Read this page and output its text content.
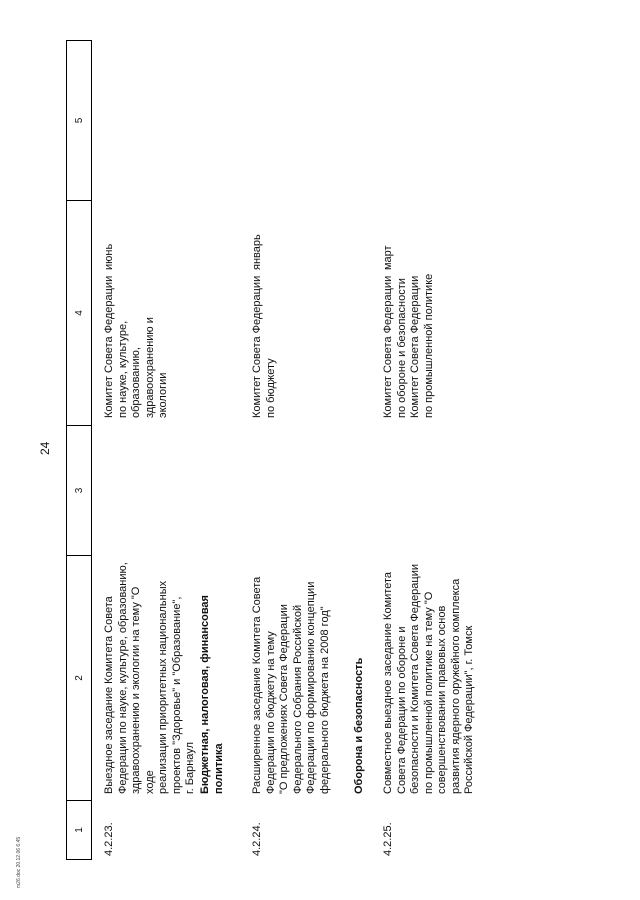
24
m26.doc 20.12.06 6:45
1
2
3
4
5
4.2.23.
Выездное заседание Комитета Совета
Федерации по науке, культуре, образованию,
здравоохранению и экологии на тему "О ходе
реализации приоритетных национальных
проектов "Здоровье" и "Образование",
г. Барнаул
Комитет Совета Федерации
по науке, культуре,
образованию,
здравоохранению и
экологии
июнь
Бюджетная, налоговая, финансовая
политика
4.2.24.
Расширенное заседание Комитета Совета
Федерации по бюджету на тему
"О предложениях Совета Федерации
Федерального Собрания Российской
Федерации по формированию концепции
федерального бюджета на 2008 год"
Комитет Совета Федерации
по бюджету
январь
Оборона и безопасность
4.2.25.
Совместное выездное заседание Комитета
Совета Федерации по обороне и
безопасности и Комитета Совета Федерации
по промышленной политике на тему "О
совершенствовании правовых основ
развития ядерного оружейного комплекса
Российской Федерации", г. Томск
Комитет Совета Федерации
по обороне и безопасности
Комитет Совета Федерации
по промышленной политике
март
